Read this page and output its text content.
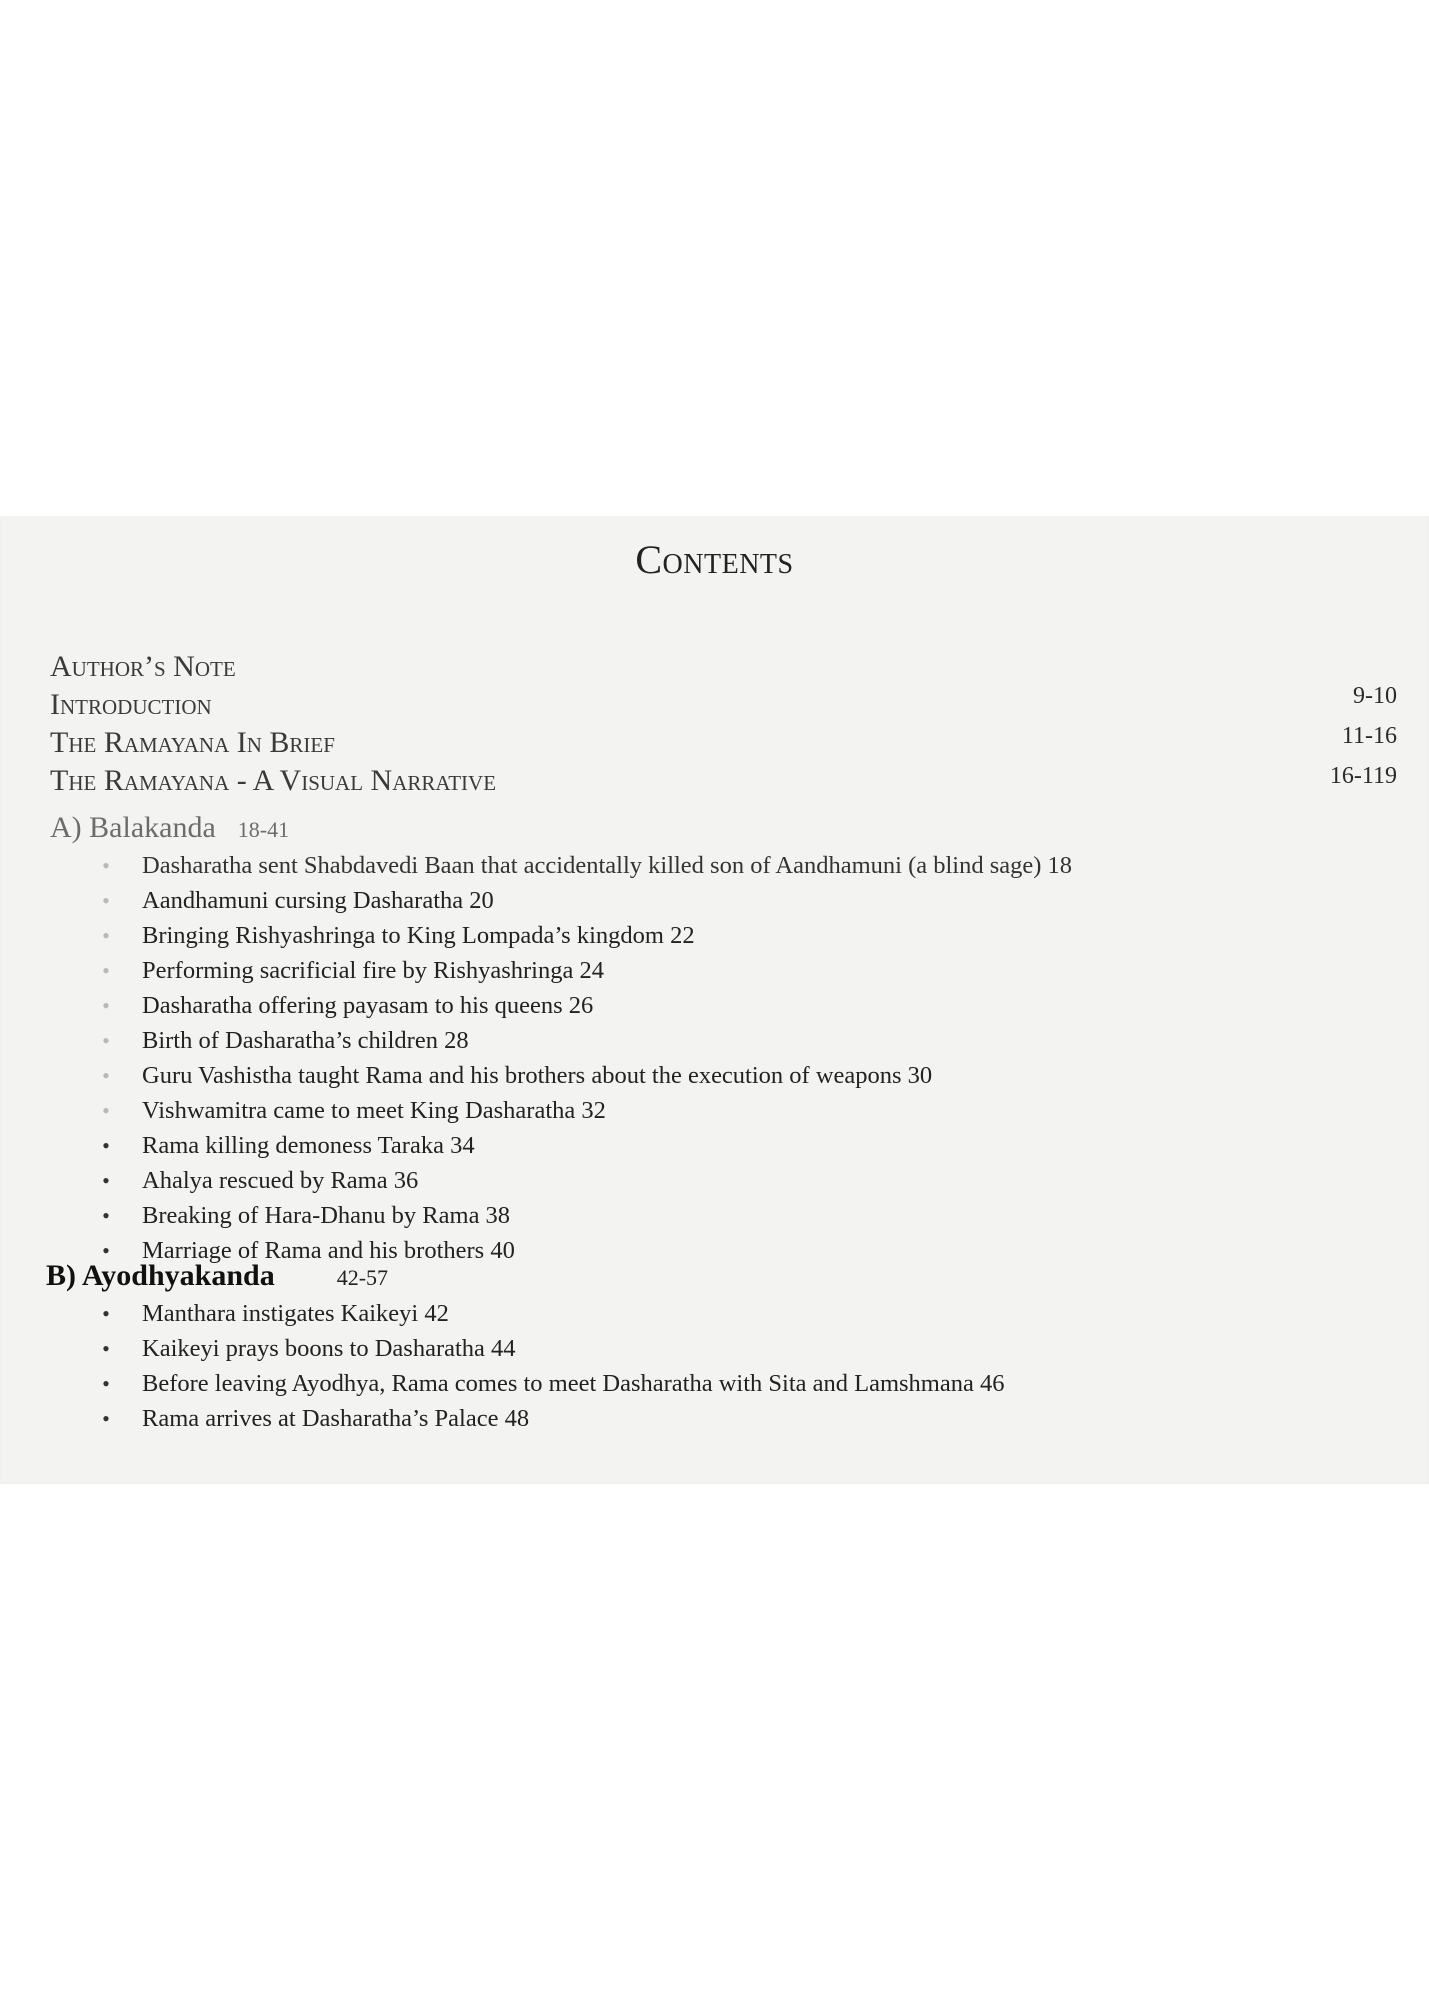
Contents
Author’s Note
Introduction
The Ramayana In Brief
The Ramayana - A Visual Narrative
9-10
11-16
16-119
A) Balakanda 18-41
• Dasharatha sent Shabdavedi Baan that accidentally killed son of Aandhamuni (a blind sage) 18
• Aandhamuni cursing Dasharatha 20
• Bringing Rishyashringa to King Lompada’s kingdom 22
• Performing sacrificial fire by Rishyashringa 24
• Dasharatha offering payasam to his queens 26
• Birth of Dasharatha’s children 28
• Guru Vashistha taught Rama and his brothers about the execution of weapons 30
• Vishwamitra came to meet King Dasharatha 32
• Rama killing demoness Taraka 34
• Ahalya rescued by Rama 36
• Breaking of Hara-Dhanu by Rama 38
• Marriage of Rama and his brothers 40
B) Ayodhyakanda	42-57
• Manthara instigates Kaikeyi 42
• Kaikeyi prays boons to Dasharatha 44
• Before leaving Ayodhya, Rama comes to meet Dasharatha with Sita and Lamshmana 46
• Rama arrives at Dasharatha’s Palace 48
